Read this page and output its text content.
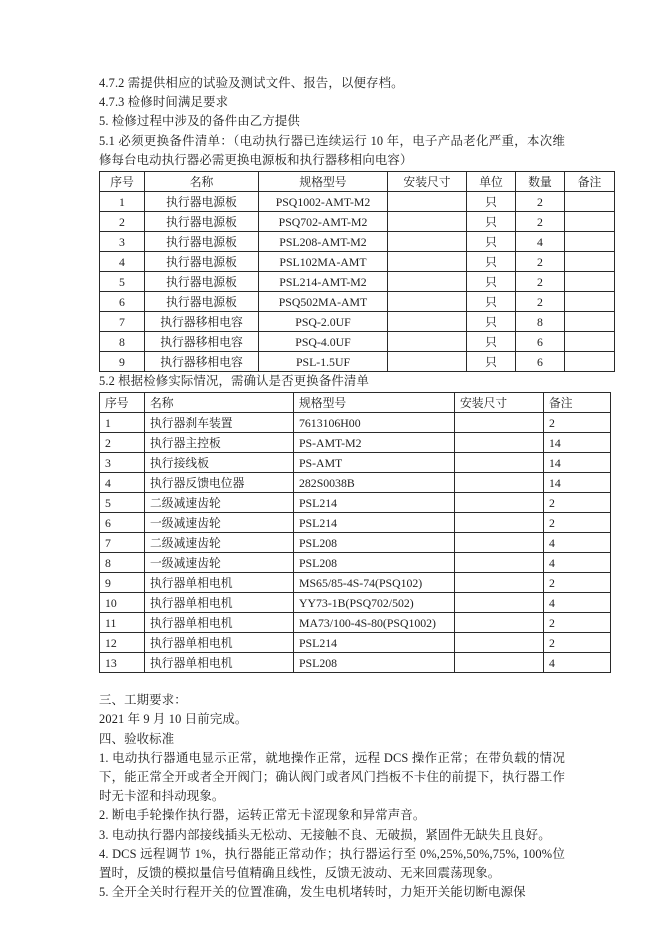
4.7.2 需提供相应的试验及测试文件、报告，以便存档。

4.7.3 检修时间满足要求

5. 检修过程中涉及的备件由乙方提供

5.1 必须更换备件清单：（电动执行器已连续运行 10 年，电子产品老化严重，本次维修每台电动执行器必需更换电源板和执行器移相向电容）

序号	名称	规格型号	安装尺寸	单位	数量	备注
1	执行器电源板	PSQ1002-AMT-M2		只	2	
2	执行器电源板	PSQ702-AMT-M2		只	2	
3	执行器电源板	PSL208-AMT-M2		只	4	
4	执行器电源板	PSL102MA-AMT		只	2	
5	执行器电源板	PSL214-AMT-M2		只	2	
6	执行器电源板	PSQ502MA-AMT		只	2	
7	执行器移相电容	PSQ-2.0UF		只	8	
8	执行器移相电容	PSQ-4.0UF		只	6	
9	执行器移相电容	PSL-1.5UF		只	6	

5.2 根据检修实际情况，需确认是否更换备件清单

序号	名称	规格型号	安装尺寸	备注
1	执行器刹车装置	7613106H00		2
2	执行器主控板	PS-AMT-M2		14
3	执行接线板	PS-AMT		14
4	执行器反馈电位器	282S0038B		14
5	二级减速齿轮	PSL214		2
6	一级减速齿轮	PSL214		2
7	二级减速齿轮	PSL208		4
8	一级减速齿轮	PSL208		4
9	执行器单相电机	MS65/85-4S-74(PSQ102)		2
10	执行器单相电机	YY73-1B(PSQ702/502)		4
11	执行器单相电机	MA73/100-4S-80(PSQ1002)		2
12	执行器单相电机	PSL214		2
13	执行器单相电机	PSL208		4

三、工期要求：

2021 年 9 月 10 日前完成。

四、验收标准

1. 电动执行器通电显示正常，就地操作正常，远程 DCS 操作正常；在带负载的情况下，能正常全开或者全开阀门；确认阀门或者风门挡板不卡住的前提下，执行器工作时无卡涩和抖动现象。

2. 断电手轮操作执行器，运转正常无卡涩现象和异常声音。

3. 电动执行器内部接线插头无松动、无接触不良、无破损，紧固件无缺失且良好。

4. DCS 远程调节 1%，执行器能正常动作；执行器运行至 0%,25%,50%,75%, 100%位置时，反馈的模拟量信号值精确且线性，反馈无波动、无来回震荡现象。

5. 全开全关时行程开关的位置准确，发生电机堵转时，力矩开关能切断电源保
